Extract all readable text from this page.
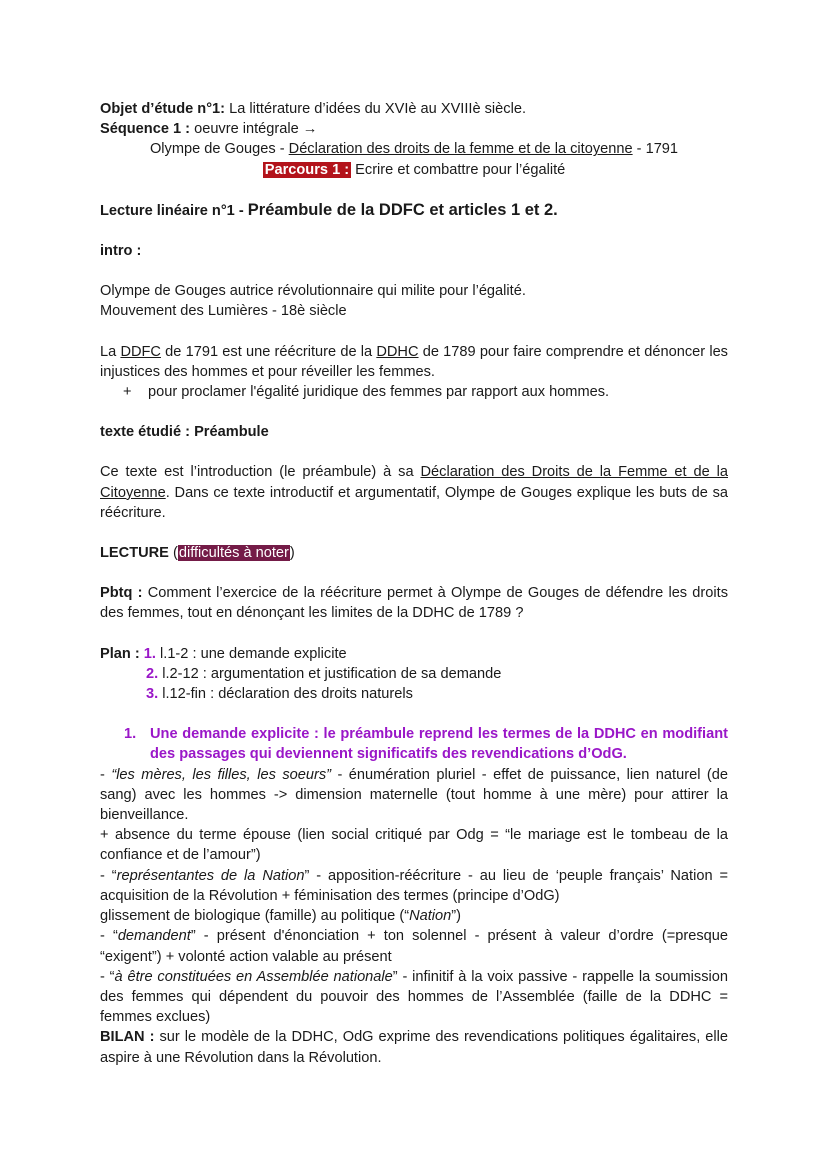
Objet d’étude n°1: La littérature d’idées du XVIè au XVIIIè siècle.

Séquence 1 : oeuvre intégrale →

Olympe de Gouges - Déclaration des droits de la femme et de la citoyenne - 1791

Parcours 1 : Ecrire et combattre pour l’égalité

Lecture linéaire n°1 - Préambule de la DDFC et articles 1 et 2.

intro :

Olympe de Gouges autrice révolutionnaire qui milite pour l’égalité.

Mouvement des Lumières - 18è siècle

La DDFC de 1791 est une réécriture de la DDHC de 1789 pour faire comprendre et dénoncer les injustices des hommes et pour réveiller les femmes.

+	pour proclamer l'égalité juridique des femmes par rapport aux hommes.

texte étudié : Préambule

Ce texte est l’introduction (le préambule) à sa Déclaration des Droits de la Femme et de la Citoyenne. Dans ce texte introductif et argumentatif, Olympe de Gouges explique les buts de sa réécriture.

LECTURE (difficultés à noter)

Pbtq : Comment l’exercice de la réécriture permet à Olympe de Gouges de défendre les droits des femmes, tout en dénonçant les limites de la DDHC de 1789 ?

Plan : 1. l.1-2 : une demande explicite

2. l.2-12 : argumentation et justification de sa demande

3. l.12-fin : déclaration des droits naturels

1. Une demande explicite : le préambule reprend les termes de la DDHC en modifiant des passages qui deviennent significatifs des revendications d’OdG.

- “les mères, les filles, les soeurs” - énumération pluriel - effet de puissance, lien naturel (de sang) avec les hommes -> dimension maternelle (tout homme à une mère) pour attirer la bienveillance.

+ absence du terme épouse (lien social critiqué par Odg = “le mariage est le tombeau de la confiance et de l’amour”)

- “représentantes de la Nation” - apposition-réécriture - au lieu de ‘peuple français’ Nation = acquisition de la Révolution + féminisation des termes (principe d’OdG)

glissement de biologique (famille) au politique (“Nation”)

- “demandent” - présent d'énonciation + ton solennel - présent à valeur d’ordre (=presque “exigent”) + volonté action valable au présent

- “à être constituées en Assemblée nationale” - infinitif à la voix passive - rappelle la soumission des femmes qui dépendent du pouvoir des hommes de l’Assemblée (faille de la DDHC = femmes exclues)

BILAN : sur le modèle de la DDHC, OdG exprime des revendications politiques égalitaires, elle aspire à une Révolution dans la Révolution.
